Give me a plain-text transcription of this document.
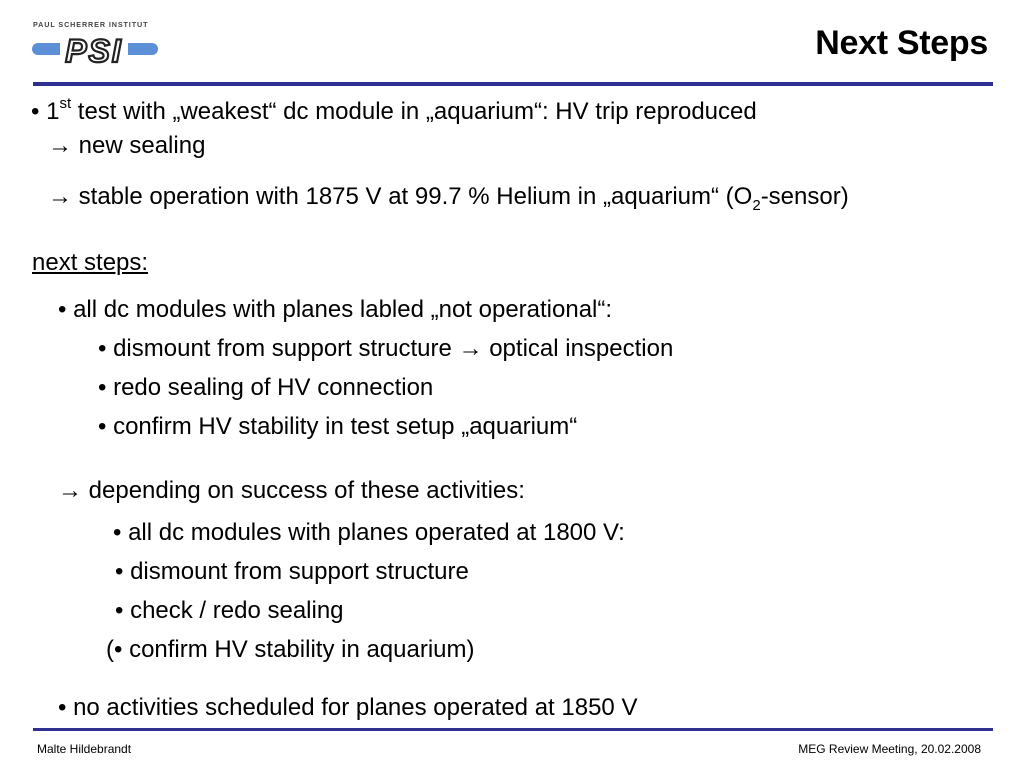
PAUL SCHERRER INSTITUT
PSI	Next Steps
• 1st test with „weakest“ dc module in „aquarium“: HV trip reproduced
→ new sealing
→ stable operation with 1875 V at 99.7 % Helium in „aquarium“ $(O_2-sensor)$
next steps:
• all dc modules with planes labled „not operational“:
• dismount from support structure → optical inspection
• redo sealing of HV connection
• confirm HV stability in test setup „aquarium“
→ depending on success of these activities:
• all dc modules with planes operated at 1800 V:
• dismount from support structure
• check / redo sealing
(• confirm HV stability in aquarium)
• no activities scheduled for planes operated at 1850 V
Malte Hildebrandt	MEG Review Meeting, 20.02.2008
